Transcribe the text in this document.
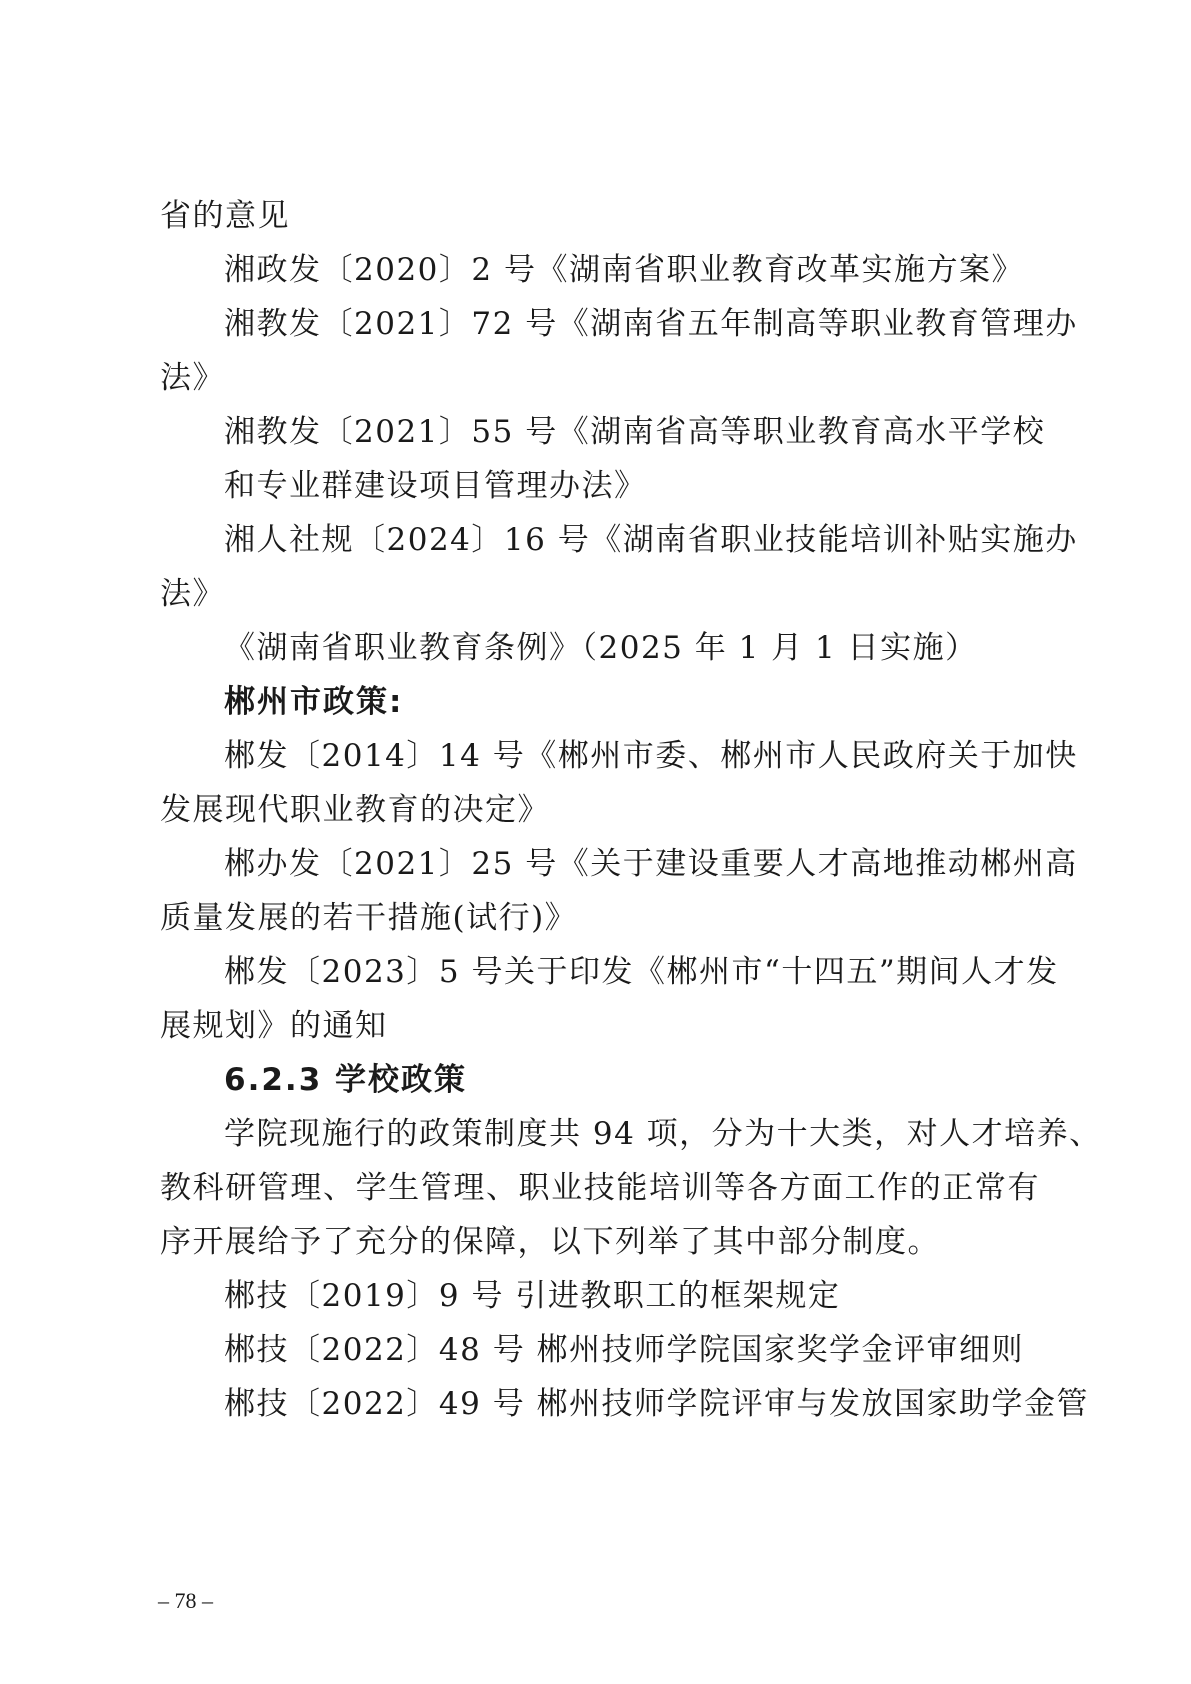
省的意见
湘政发〔2020〕2 号《湖南省职业教育改革实施方案》
湘教发〔2021〕72 号《湖南省五年制高等职业教育管理办
法》
湘教发〔2021〕55 号《湖南省高等职业教育高水平学校
和专业群建设项目管理办法》
湘人社规〔2024〕16 号《湖南省职业技能培训补贴实施办
法》
《湖南省职业教育条例》（2025 年 1 月 1 日实施）
郴州市政策:
郴发〔2014〕14 号《郴州市委、郴州市人民政府关于加快
发展现代职业教育的决定》
郴办发〔2021〕25 号《关于建设重要人才高地推动郴州高
质量发展的若干措施(试行)》
郴发〔2023〕5 号关于印发《郴州市“十四五”期间人才发
展规划》的通知
6.2.3 学校政策
学院现施行的政策制度共 94 项，分为十大类，对人才培养、
教科研管理、学生管理、职业技能培训等各方面工作的正常有
序开展给予了充分的保障，以下列举了其中部分制度。
郴技〔2019〕9 号 引进教职工的框架规定
郴技〔2022〕48 号 郴州技师学院国家奖学金评审细则
郴技〔2022〕49 号 郴州技师学院评审与发放国家助学金管
– 78 –
